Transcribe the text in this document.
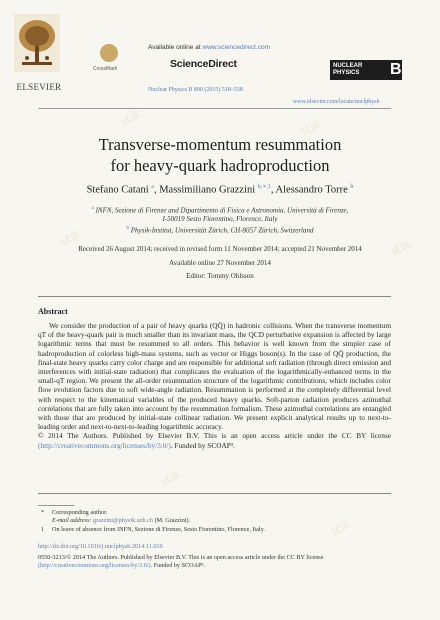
试读
试读
试读
试读
试读
试读
ELSEVIER
CrossMark
Available online at www.sciencedirect.com
ScienceDirect	NUCLEAR
PHYSICS B
Nuclear Physics B 890 (2015) 518–538
www.elsevier.com/locate/nuclphysb
Transverse-momentum resummation
for heavy-quark hadroproduction
Stefano Catani $^a$, Massimiliano Grazzini $^{b,∗,1}$, Alessandro Torre $^b$
$^a$ INFN, Sezione di Firenze and Dipartimento di Fisica e Astronomia, Università di Firenze,
I-50019 Sesto Fiorentino, Florence, Italy
$^b$ Physik-Institut, Universität Zürich, CH-8057 Zürich, Switzerland
Received 26 August 2014; received in revised form 11 November 2014; accepted 21 November 2014
Available online 27 November 2014
Editor: Tommy Ohlsson
Abstract

We consider the production of a pair of heavy quarks (QQ̄) in hadronic collisions. When the transverse momentum qT of the heavy-quark pair is much smaller than its invariant mass, the QCD perturbative expansion is affected by large logarithmic terms that must be resummed to all orders. This behavior is well known from the simpler case of hadroproduction of colorless high-mass systems, such as vector or Higgs boson(s). In the case of QQ̄ production, the final-state heavy quarks carry color charge and are responsible for additional soft radiation (through direct emission and interferences with initial-state radiation) that complicates the evaluation of the logarithmically-enhanced terms in the small-qT region. We present the all-order resummation structure of the logarithmic contributions, which includes color flow evolution factors due to soft wide-angle radiation. Resummation is performed at the completely differential level with respect to the kinematical variables of the produced heavy quarks. Soft-parton radiation produces azimuthal correlations that are fully taken into account by the resummation formalism. These azimuthal correlations are entangled with those that are produced by initial-state collinear radiation. We present explicit analytical results up to next-to-leading order and next-to-next-to-leading logarithmic accuracy.

© 2014 The Authors. Published by Elsevier B.V. This is an open access article under the CC BY license (http://creativecommons.org/licenses/by/3.0/). Funded by SCOAP³.

* Corresponding author.
E-mail address: grazzini@physik.uzh.ch (M. Grazzini).
1 On leave of absence from INFN, Sezione di Firenze, Sesto Fiorentino, Florence, Italy.
http://dx.doi.org/10.1016/j.nuclphysb.2014.11.019
0550-3213/© 2014 The Authors. Published by Elsevier B.V. This is an open access article under the CC BY license
(http://creativecommons.org/licenses/by/3.0/). Funded by SCOAP³.
